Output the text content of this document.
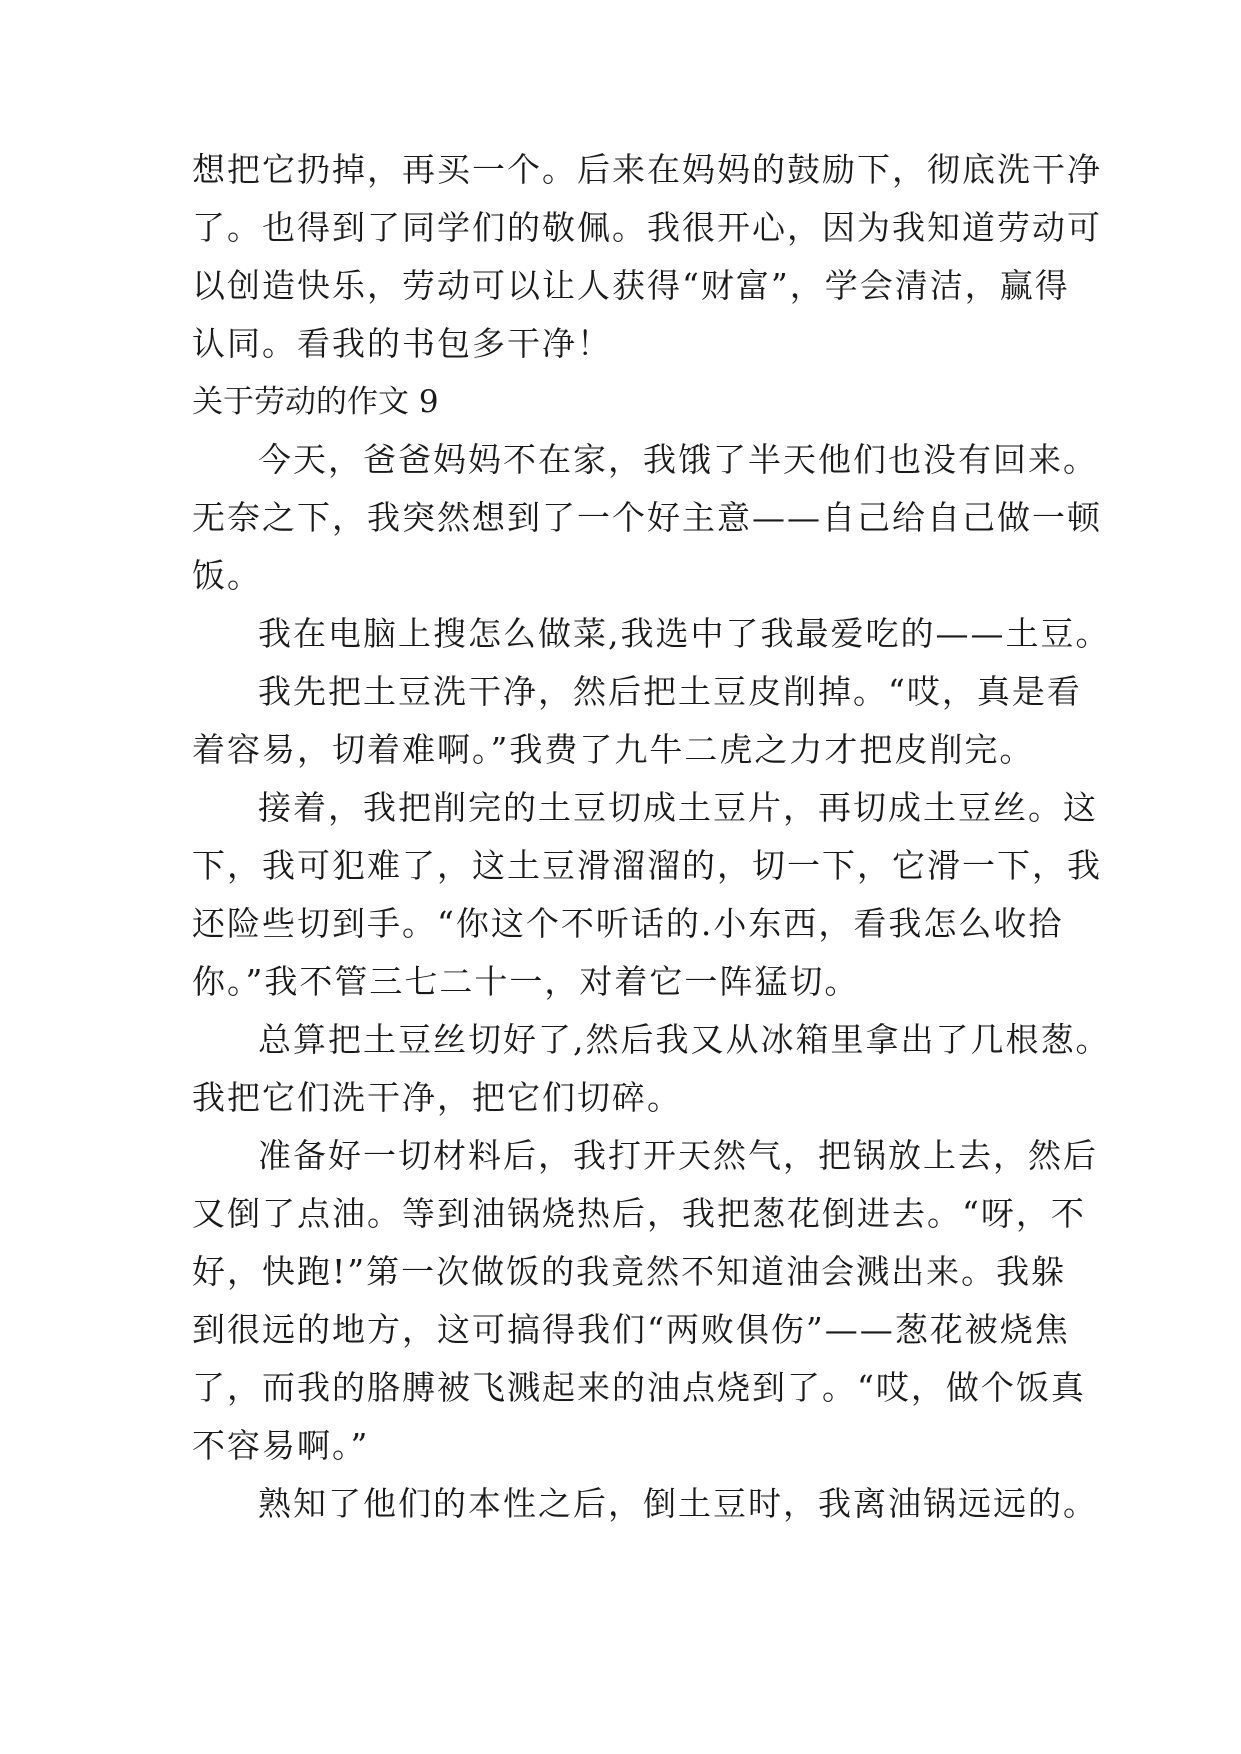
想把它扔掉，再买一个。后来在妈妈的鼓励下，彻底洗干净
了。也得到了同学们的敬佩。我很开心，因为我知道劳动可
以创造快乐，劳动可以让人获得“财富”，学会清洁，赢得
认同。看我的书包多干净！
关于劳动的作文 9
今天，爸爸妈妈不在家，我饿了半天他们也没有回来。
无奈之下，我突然想到了一个好主意——自己给自己做一顿
饭。
我在电脑上搜怎么做菜,我选中了我最爱吃的——土豆。
我先把土豆洗干净，然后把土豆皮削掉。“哎，真是看
着容易，切着难啊。”我费了九牛二虎之力才把皮削完。
接着，我把削完的土豆切成土豆片，再切成土豆丝。这
下，我可犯难了，这土豆滑溜溜的，切一下，它滑一下，我
还险些切到手。“你这个不听话的.小东西，看我怎么收拾
你。”我不管三七二十一，对着它一阵猛切。
总算把土豆丝切好了,然后我又从冰箱里拿出了几根葱。
我把它们洗干净，把它们切碎。
准备好一切材料后，我打开天然气，把锅放上去，然后
又倒了点油。等到油锅烧热后，我把葱花倒进去。“呀，不
好，快跑!”第一次做饭的我竟然不知道油会溅出来。我躲
到很远的地方，这可搞得我们“两败俱伤”——葱花被烧焦
了，而我的胳膊被飞溅起来的油点烧到了。“哎，做个饭真
不容易啊。”
熟知了他们的本性之后，倒土豆时，我离油锅远远的。
